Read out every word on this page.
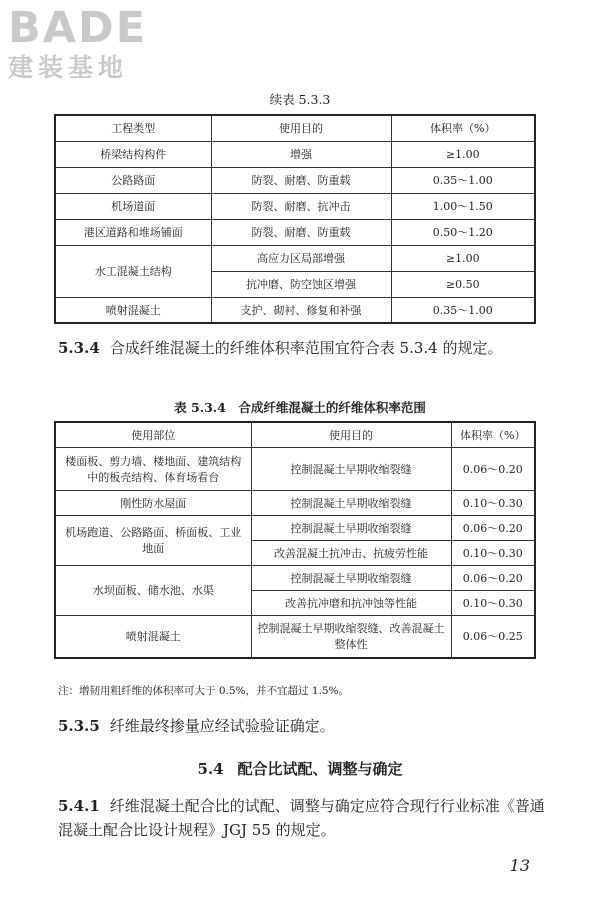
BADE
建装基地
续表 5.3.3
工程类型	使用目的	体积率（%）
桥梁结构构件	增强	≥1.00
公路路面	防裂、耐磨、防重载	0.35～1.00
机场道面	防裂、耐磨、抗冲击	1.00～1.50
港区道路和堆场铺面	防裂、耐磨、防重载	0.50～1.20
水工混凝土结构	高应力区局部增强	≥1.00
	抗冲磨、防空蚀区增强	≥0.50
喷射混凝土	支护、砌衬、修复和补强	0.35～1.00
5.3.4 合成纤维混凝土的纤维体积率范围宜符合表 5.3.4 的规定。
表 5.3.4　合成纤维混凝土的纤维体积率范围
使用部位	使用目的	体积率（%）
楼面板、剪力墙、楼地面、建筑结构中的板壳结构、体育场看台	控制混凝土早期收缩裂缝	0.06～0.20
刚性防水屋面	控制混凝土早期收缩裂缝	0.10～0.30
机场跑道、公路路面、桥面板、工业地面	控制混凝土早期收缩裂缝	0.06～0.20
	改善混凝土抗冲击、抗疲劳性能	0.10～0.30
水坝面板、储水池、水渠	控制混凝土早期收缩裂缝	0.06～0.20
	改善抗冲磨和抗冲蚀等性能	0.10～0.30
喷射混凝土	控制混凝土早期收缩裂缝、改善混凝土整体性	0.06～0.25
注：增韧用粗纤维的体积率可大于 0.5%，并不宜超过 1.5%。
5.3.5 纤维最终掺量应经试验验证确定。
5.4 配合比试配、调整与确定
5.4.1 纤维混凝土配合比的试配、调整与确定应符合现行行业标准《普通混凝土配合比设计规程》JGJ 55 的规定。
13
